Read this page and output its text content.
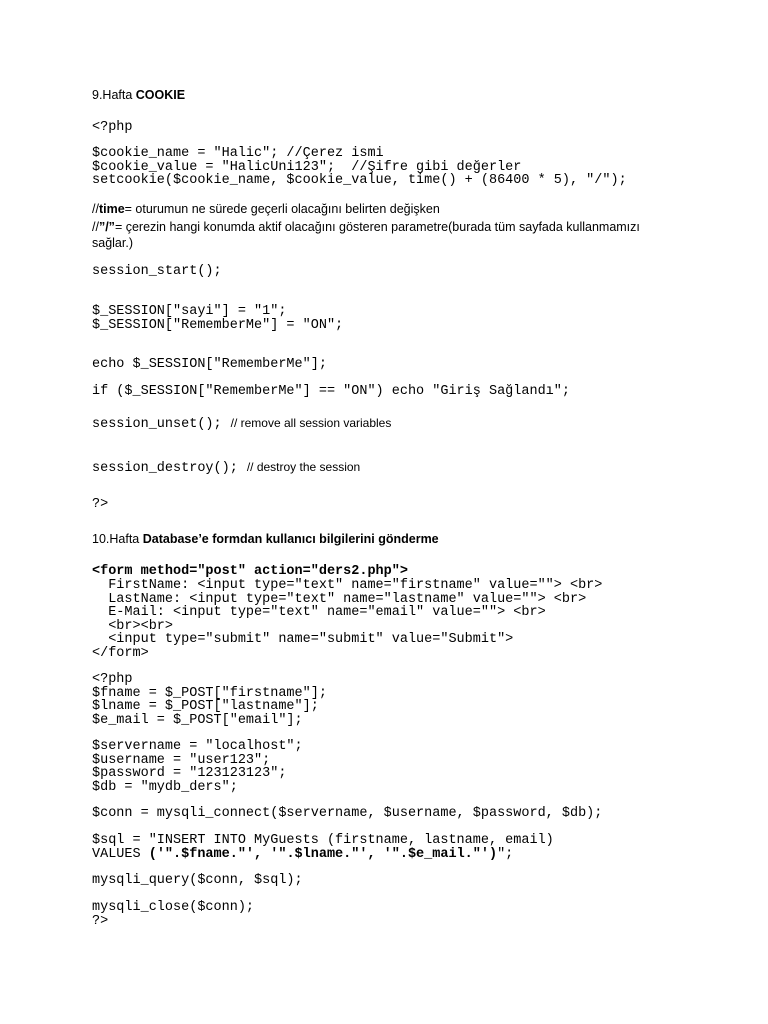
9.Hafta COOKIE
<?php
$cookie_name = "Halic"; //Çerez ismi
$cookie_value = "HalicUni123";  //Şifre gibi değerler
setcookie($cookie_name, $cookie_value, time() + (86400 * 5), "/");
//time= oturumun ne sürede geçerli olacağını belirten değişken
//”/”= çerezin hangi konumda aktif olacağını gösteren parametre(burada tüm sayfada kullanmamızı
sağlar.)
session_start();
$_SESSION["sayi"] = "1";
$_SESSION["RememberMe"] = "ON";
echo $_SESSION["RememberMe"];
if ($_SESSION["RememberMe"] == "ON") echo "Giriş Sağlandı";
session_unset(); // remove all session variables
session_destroy(); // destroy the session
?>
10.Hafta Database’e formdan kullanıcı bilgilerini gönderme
<form method="post" action="ders2.php">
FirstName: <input type="text" name="firstname" value=""> <br>
LastName: <input type="text" name="lastname" value=""> <br>
E-Mail: <input type="text" name="email" value=""> <br>
<br><br>
<input type="submit" name="submit" value="Submit">
</form>
<?php
$fname = $_POST["firstname"];
$lname = $_POST["lastname"];
$e_mail = $_POST["email"];
$servername = "localhost";
$username = "user123";
$password = "123123123";
$db = "mydb_ders";
$conn = mysqli_connect($servername, $username, $password, $db);
$sql = "INSERT INTO MyGuests (firstname, lastname, email)
VALUES ('".$fname."', '".$lname."', '".$e_mail."')";
mysqli_query($conn, $sql);
mysqli_close($conn);
?>
